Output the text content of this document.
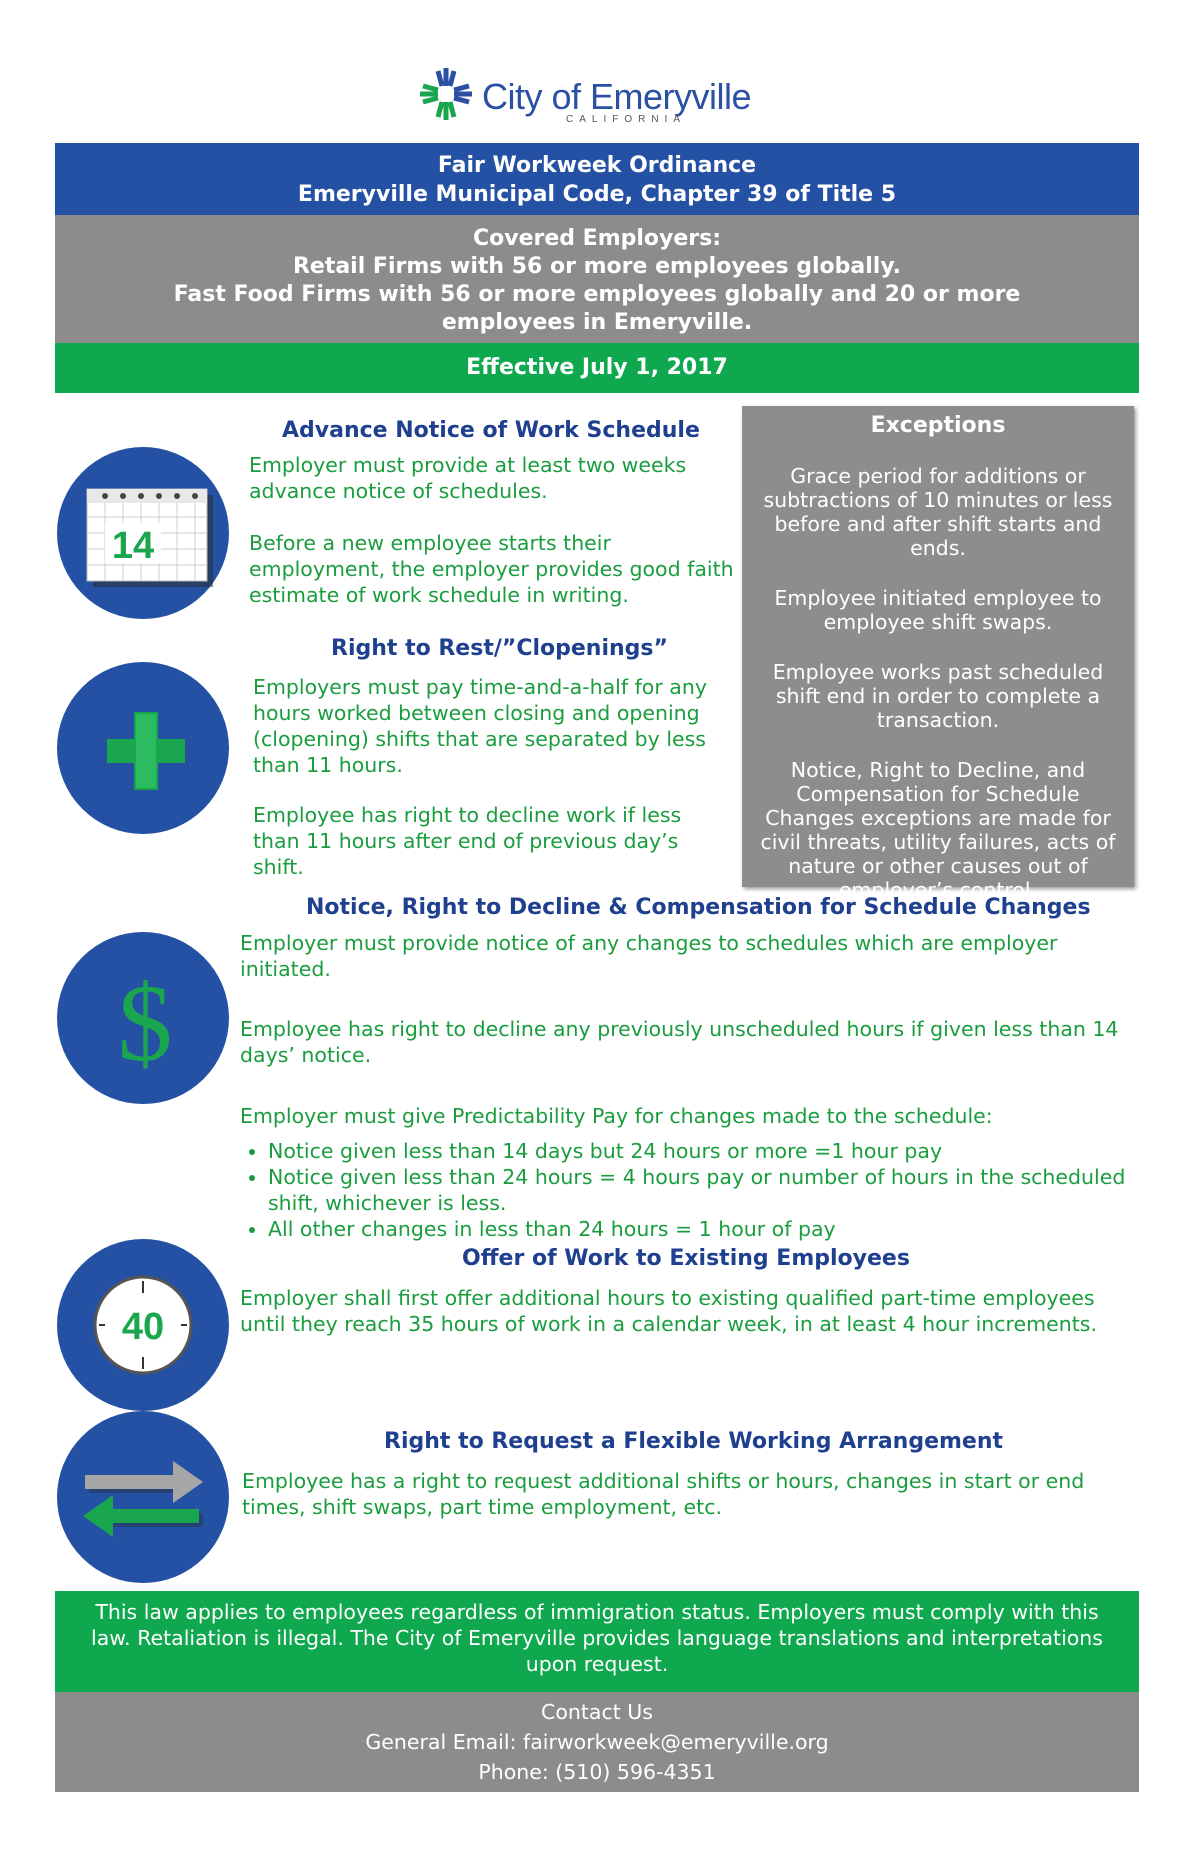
City of Emeryville
CALIFORNIA
Fair Workweek Ordinance
Emeryville Municipal Code, Chapter 39 of Title 5
Covered Employers:
Retail Firms with 56 or more employees globally.
Fast Food Firms with 56 or more employees globally and 20 or more employees in Emeryville.
Effective July 1, 2017
14
Advance Notice of Work Schedule
Employer must provide at least two weeks advance notice of schedules.
Before a new employee starts their employment, the employer provides good faith estimate of work schedule in writing.
Right to Rest/”Clopenings”
Employers must pay time-and-a-half for any hours worked between closing and opening (clopening) shifts that are separated by less than 11 hours.
Employee has right to decline work if less than 11 hours after end of previous day’s shift.
Exceptions
Grace period for additions or subtractions of 10 minutes or less before and after shift starts and ends.
Employee initiated employee to employee shift swaps.
Employee works past scheduled shift end in order to complete a transaction.
Notice, Right to Decline, and Compensation for Schedule Changes exceptions are made for civil threats, utility failures, acts of nature or other causes out of employer’s control.
$
Notice, Right to Decline & Compensation for Schedule Changes
Employer must provide notice of any changes to schedules which are employer initiated.
Employee has right to decline any previously unscheduled hours if given less than 14 days’ notice.
Employer must give Predictability Pay for changes made to the schedule:
• Notice given less than 14 days but 24 hours or more =1 hour pay
• Notice given less than 24 hours = 4 hours pay or number of hours in the scheduled shift, whichever is less.
• All other changes in less than 24 hours = 1 hour of pay
40
Offer of Work to Existing Employees
Employer shall first offer additional hours to existing qualified part-time employees until they reach 35 hours of work in a calendar week, in at least 4 hour increments.
Right to Request a Flexible Working Arrangement
Employee has a right to request additional shifts or hours, changes in start or end times, shift swaps, part time employment, etc.
This law applies to employees regardless of immigration status. Employers must comply with this law. Retaliation is illegal. The City of Emeryville provides language translations and interpretations upon request.
Contact Us
General Email: fairworkweek@emeryville.org
Phone: (510) 596-4351
